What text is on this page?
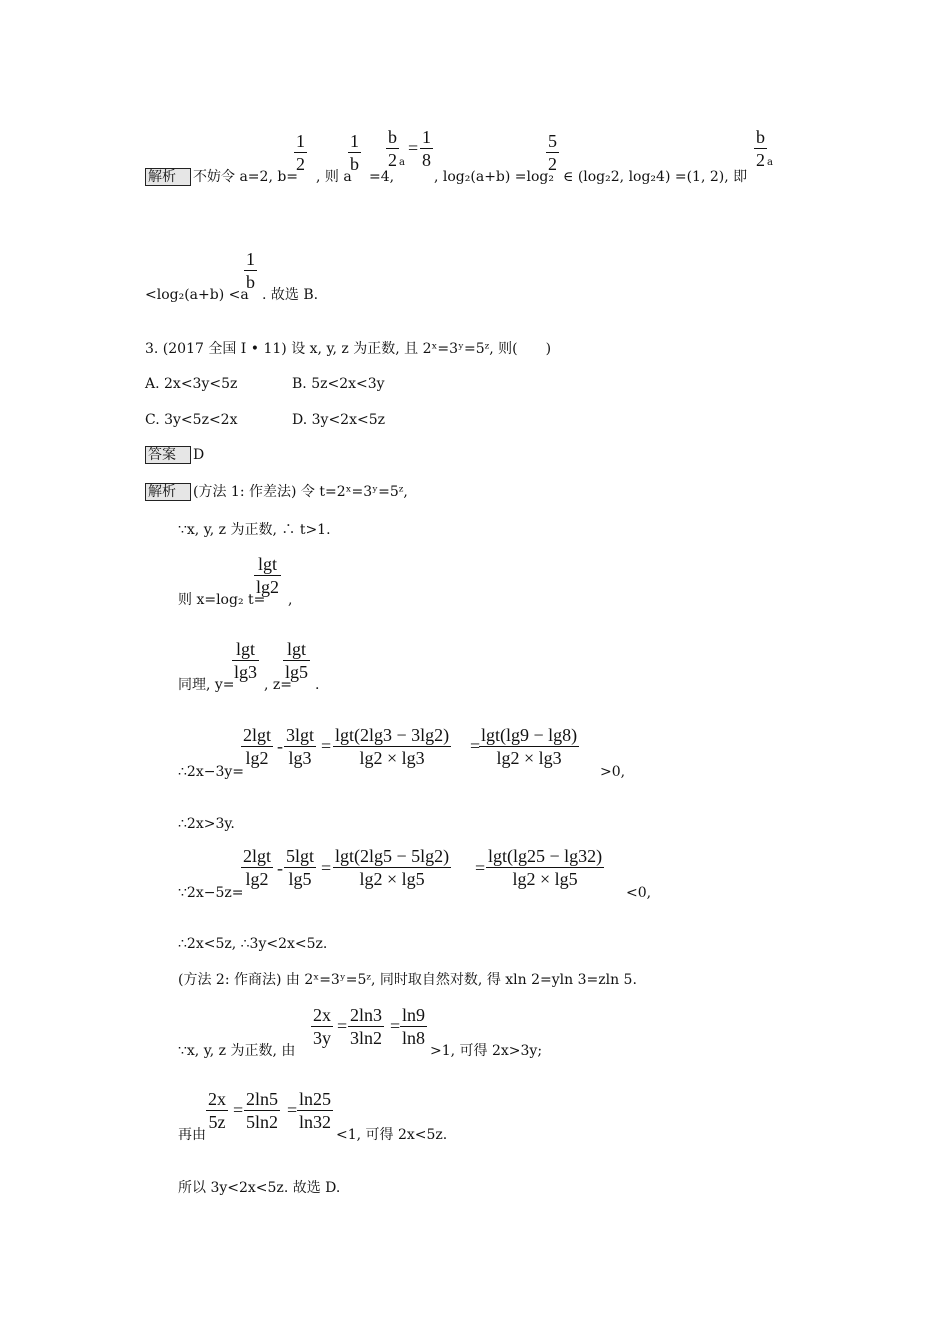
解析 不妨令 a=2, b=
$\frac{1}{2}$
, 则 a
$\frac{1}{b}$
=4,
$\frac{b}{2}$ a
= $\frac{1}{8}$
, log₂(a+b) =log₂
$\frac{5}{2}$
∈ (log₂2, log₂4) =(1, 2), 即
$\frac{b}{2}$ a
<log₂(a+b) <a
$\frac{1}{b}$
. 故选 B.
3. (2017 全国 Ⅰ • 11) 设 x, y, z 为正数, 且 2ˣ=3ʸ=5ᶻ, 则(　　)
A. 2x<3y<5z	B. 5z<2x<3y
C. 3y<5z<2x	D. 3y<2x<5z
答案 D
解析 (方法 1: 作差法) 令 t=2ˣ=3ʸ=5ᶻ,
∵x, y, z 为正数, ∴ t>1.
则 x=log₂ t=
$\frac{\lg t}{\lg 2}$
,
同理, y=
$\frac{\lg t}{\lg 3}$
, z=
$\frac{\lg t}{\lg 5}$
.
∴2x−3y=
$\frac{2\lg t}{\lg 2} - \frac{3\lg t}{\lg 3} = \frac{\lg t(2\lg 3 - 3\lg 2)}{\lg 2 \times \lg 3}$ =
$\frac{\lg t(\lg 9 - \lg 8)}{\lg 2 \times \lg 3}$
>0,
∴2x>3y.
∵2x−5z=
$\frac{2\lg t}{\lg 2} - \frac{5\lg t}{\lg 5} = \frac{\lg t(2\lg 5 - 5\lg 2)}{\lg 2 \times \lg 5} = \frac{\lg t(\lg 25 - \lg 32)}{\lg 2 \times \lg 5}$
<0,
∴2x<5z, ∴3y<2x<5z.
(方法 2: 作商法) 由 2ˣ=3ʸ=5ᶻ, 同时取自然对数, 得 xln 2=yln 3=zln 5.
∵x, y, z 为正数, 由
$\frac{2x}{3y} = \frac{2\ln 3}{3\ln 2} = \frac{\ln 9}{\ln 8}$
>1, 可得 2x>3y;
再由
$\frac{2x}{5z} = \frac{2\ln 5}{5\ln 2} = \frac{\ln 25}{\ln 32}$
<1, 可得 2x<5z.
所以 3y<2x<5z. 故选 D.
